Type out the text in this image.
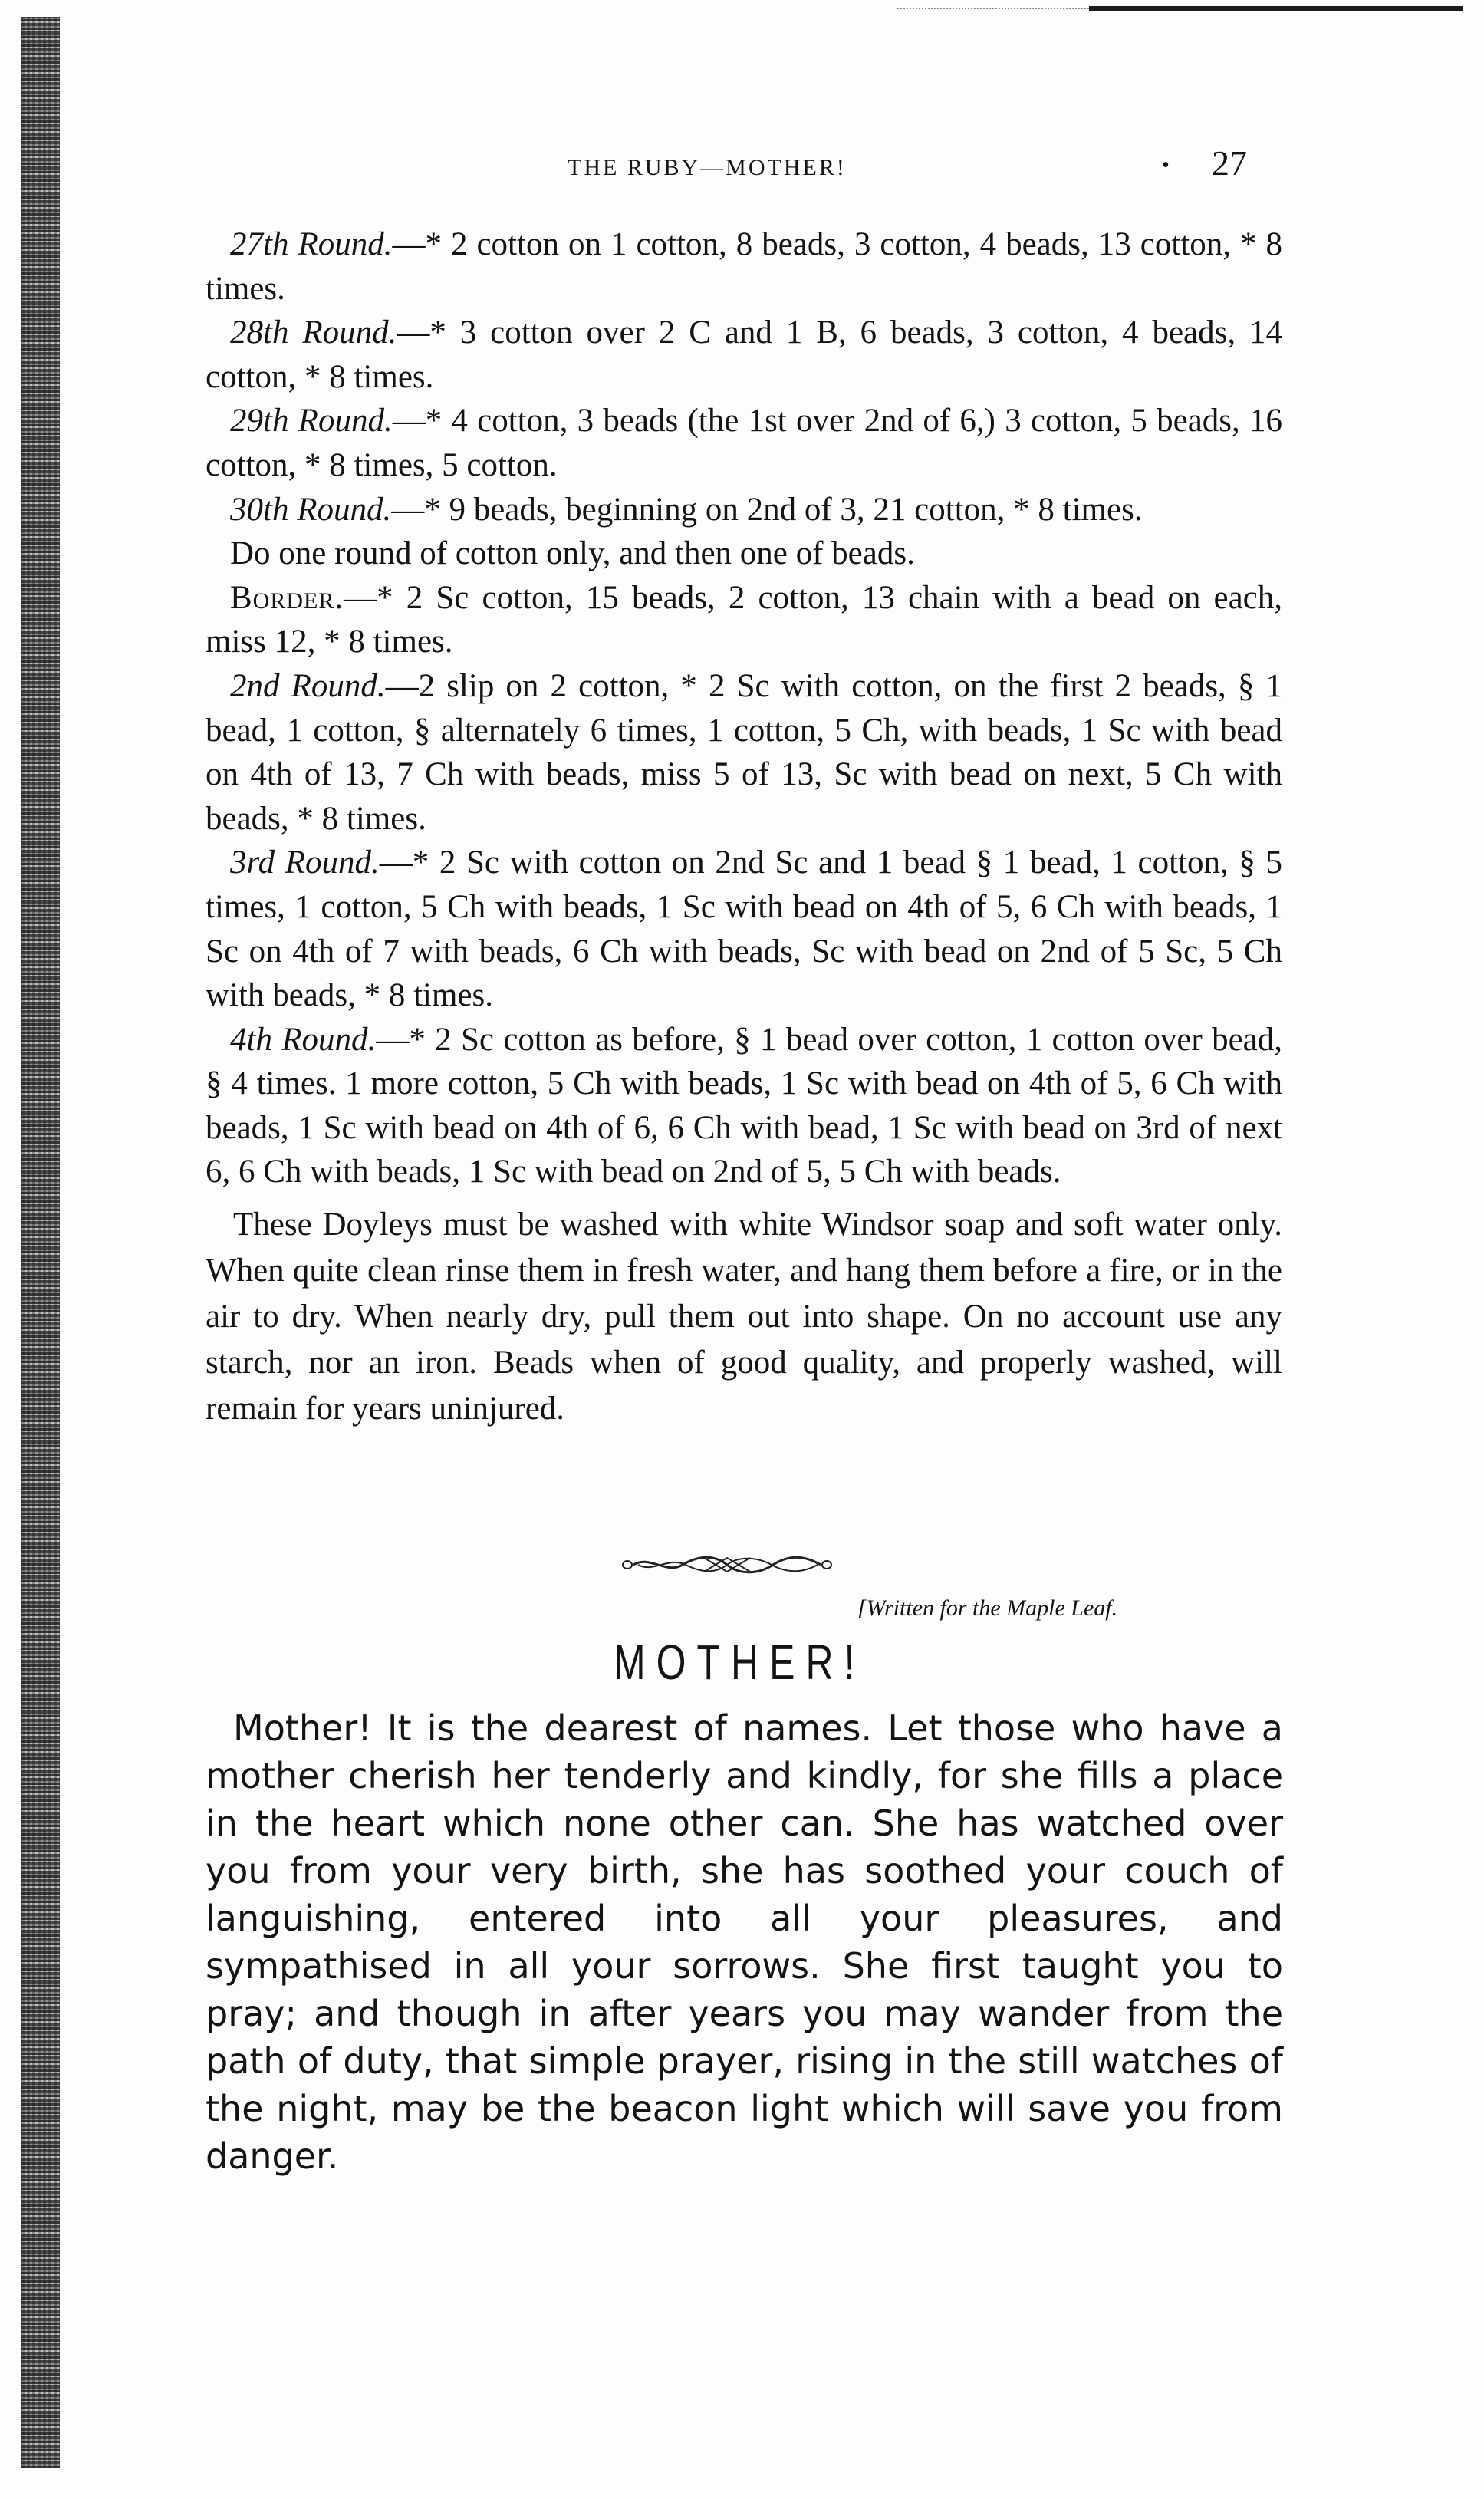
THE RUBY—MOTHER!	• 27

27th Round.—* 2 cotton on 1 cotton, 8 beads, 3 cotton, 4 beads, 13 cotton, * 8 times.

28th Round.—* 3 cotton over 2 C and 1 B, 6 beads, 3 cotton, 4 beads, 14 cotton, * 8 times.

29th Round.—* 4 cotton, 3 beads (the 1st over 2nd of 6,) 3 cotton, 5 beads, 16 cotton, * 8 times, 5 cotton.

30th Round.—* 9 beads, beginning on 2nd of 3, 21 cotton, * 8 times.

Do one round of cotton only, and then one of beads.

Border.—* 2 Sc cotton, 15 beads, 2 cotton, 13 chain with a bead on each, miss 12, * 8 times.

2nd Round.—2 slip on 2 cotton, * 2 Sc with cotton, on the first 2 beads, § 1 bead, 1 cotton, § alternately 6 times, 1 cotton, 5 Ch, with beads, 1 Sc with bead on 4th of 13, 7 Ch with beads, miss 5 of 13, Sc with bead on next, 5 Ch with beads, * 8 times.

3rd Round.—* 2 Sc with cotton on 2nd Sc and 1 bead § 1 bead, 1 cotton, § 5 times, 1 cotton, 5 Ch with beads, 1 Sc with bead on 4th of 5, 6 Ch with beads, 1 Sc on 4th of 7 with beads, 6 Ch with beads, Sc with bead on 2nd of 5 Sc, 5 Ch with beads, * 8 times.

4th Round.—* 2 Sc cotton as before, § 1 bead over cotton, 1 cotton over bead, § 4 times. 1 more cotton, 5 Ch with beads, 1 Sc with bead on 4th of 5, 6 Ch with beads, 1 Sc with bead on 4th of 6, 6 Ch with bead, 1 Sc with bead on 3rd of next 6, 6 Ch with beads, 1 Sc with bead on 2nd of 5, 5 Ch with beads.

These Doyleys must be washed with white Windsor soap and soft water only. When quite clean rinse them in fresh water, and hang them before a fire, or in the air to dry. When nearly dry, pull them out into shape. On no account use any starch, nor an iron. Beads when of good quality, and properly washed, will remain for years uninjured.

[Written for the Maple Leaf.
MOTHER!

Mother! It is the dearest of names. Let those who have a mother cherish her tenderly and kindly, for she fills a place in the heart which none other can. She has watched over you from your very birth, she has soothed your couch of languishing, entered into all your pleasures, and sympathised in all your sorrows. She first taught you to pray; and though in after years you may wander from the path of duty, that simple prayer, rising in the still watches of the night, may be the beacon light which will save you from danger.
